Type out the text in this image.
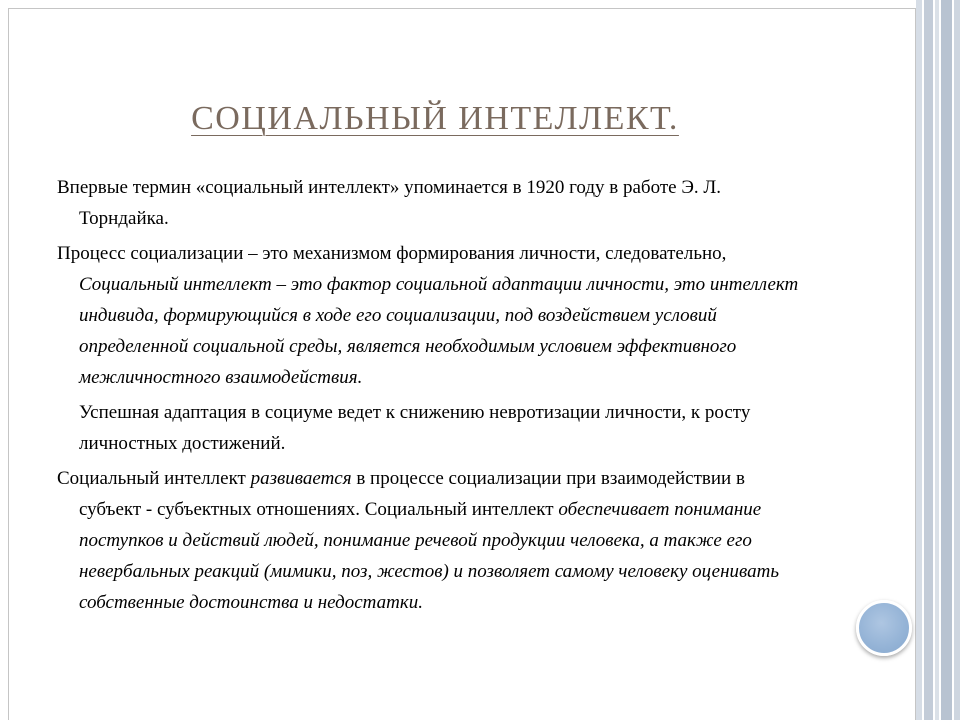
СОЦИАЛЬНЫЙ ИНТЕЛЛЕКТ.

Впервые термин «социальный интеллект» упоминается в 1920 году в работе Э. Л. Торндайка.

Процесс социализации – это механизмом формирования личности, следовательно, Социальный интеллект – это фактор социальной адаптации личности, это интеллект индивида, формирующийся в ходе его социализации, под воздействием условий определенной социальной среды, является необходимым условием эффективного межличностного взаимодействия.

Успешная адаптация в социуме ведет к снижению невротизации личности, к росту личностных достижений.

Социальный интеллект развивается в процессе социализации при взаимодействии в субъект - субъектных отношениях. Социальный интеллект обеспечивает понимание поступков и действий людей, понимание речевой продукции человека, а также его невербальных реакций (мимики, поз, жестов) и позволяет самому человеку оценивать собственные достоинства и недостатки.
